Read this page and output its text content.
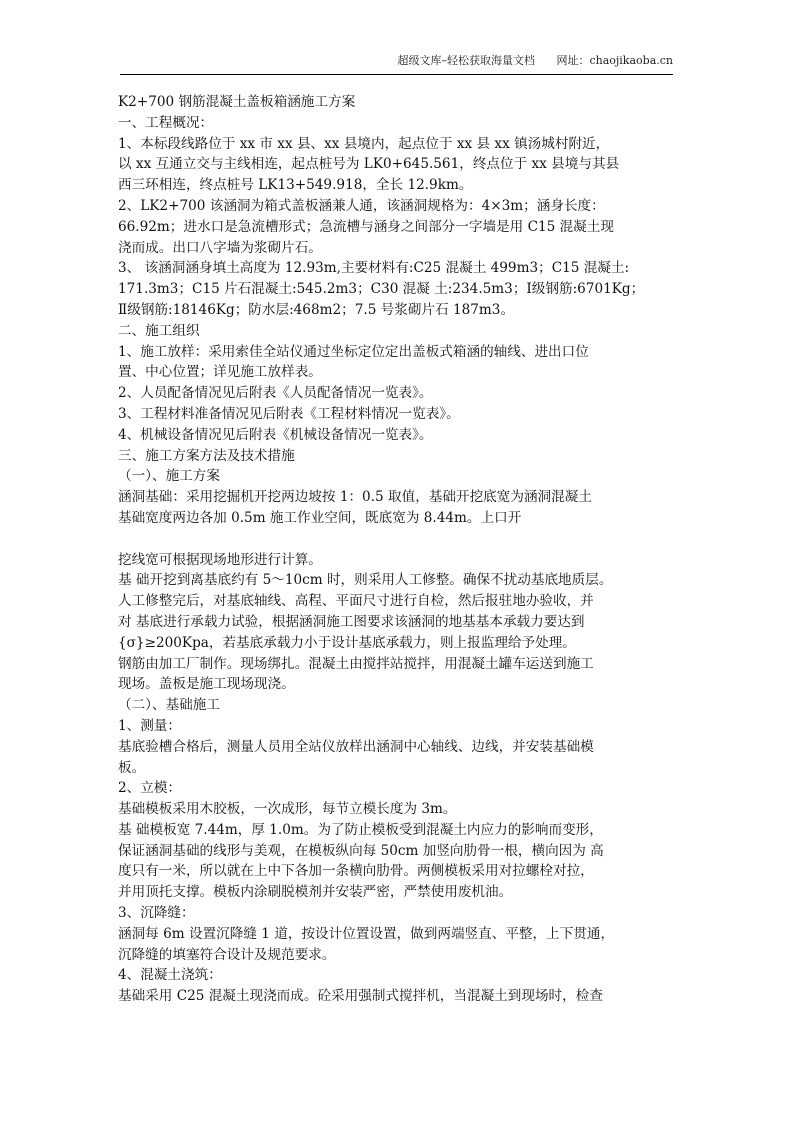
超级文库–轻松获取海量文档 网址：chaojikaoba.cn
K2+700 钢筋混凝土盖板箱涵施工方案
一、工程概况：
1、本标段线路位于 xx 市 xx 县、xx 县境内，起点位于 xx 县 xx 镇汤城村附近，
以 xx 互通立交与主线相连，起点桩号为 LK0+645.561，终点位于 xx 县境与其县
西三环相连，终点桩号 LK13+549.918，全长 12.9km。
2、LK2+700 该涵洞为箱式盖板涵兼人通，该涵洞规格为：4×3m；涵身长度：
66.92m；进水口是急流槽形式；急流槽与涵身之间部分一字墙是用 C15 混凝土现
浇而成。出口八字墙为浆砌片石。
3、 该涵洞涵身填土高度为 12.93m,主要材料有:C25 混凝土 499m3；C15 混凝土:
171.3m3；C15 片石混凝土:545.2m3；C30 混凝 土:234.5m3；Ⅰ级钢筋:6701Kg；
Ⅱ级钢筋:18146Kg；防水层:468m2；7.5 号浆砌片石 187m3。
二、施工组织
1、施工放样：采用索佳全站仪通过坐标定位定出盖板式箱涵的轴线、进出口位
置、中心位置；详见施工放样表。
2、人员配备情况见后附表《人员配备情况一览表》。
3、工程材料准备情况见后附表《工程材料情况一览表》。
4、机械设备情况见后附表《机械设备情况一览表》。
三、施工方案方法及技术措施
（一）、施工方案
涵洞基础：采用挖掘机开挖两边坡按 1：0.5 取值，基础开挖底宽为涵洞混凝土
基础宽度两边各加 0.5m 施工作业空间，既底宽为 8.44m。上口开
挖线宽可根据现场地形进行计算。
基 础开挖到离基底约有 5～10cm 时，则采用人工修整。确保不扰动基底地质层。
人工修整完后，对基底轴线、高程、平面尺寸进行自检，然后报驻地办验收，并
对 基底进行承载力试验，根据涵洞施工图要求该涵洞的地基基本承载力要达到
{σ}≥200Kpa，若基底承载力小于设计基底承载力，则上报监理给予处理。
钢筋由加工厂制作。现场绑扎。混凝土由搅拌站搅拌，用混凝土罐车运送到施工
现场。盖板是施工现场现浇。
（二）、基础施工
1、测量：
基底验槽合格后，测量人员用全站仪放样出涵洞中心轴线、边线，并安装基础模
板。
2、立模：
基础模板采用木胶板，一次成形，每节立模长度为 3m。
基 础模板宽 7.44m，厚 1.0m。为了防止模板受到混凝土内应力的影响而变形，
保证涵洞基础的线形与美观，在模板纵向每 50cm 加竖向肋骨一根，横向因为 高
度只有一米，所以就在上中下各加一条横向肋骨。两侧模板采用对拉螺栓对拉，
并用顶托支撑。模板内涂刷脱模剂并安装严密，严禁使用废机油。
3、沉降缝：
涵洞每 6m 设置沉降缝 1 道，按设计位置设置，做到两端竖直、平整，上下贯通，
沉降缝的填塞符合设计及规范要求。
4、混凝土浇筑：
基础采用 C25 混凝土现浇而成。砼采用强制式搅拌机，当混凝土到现场时，检查
